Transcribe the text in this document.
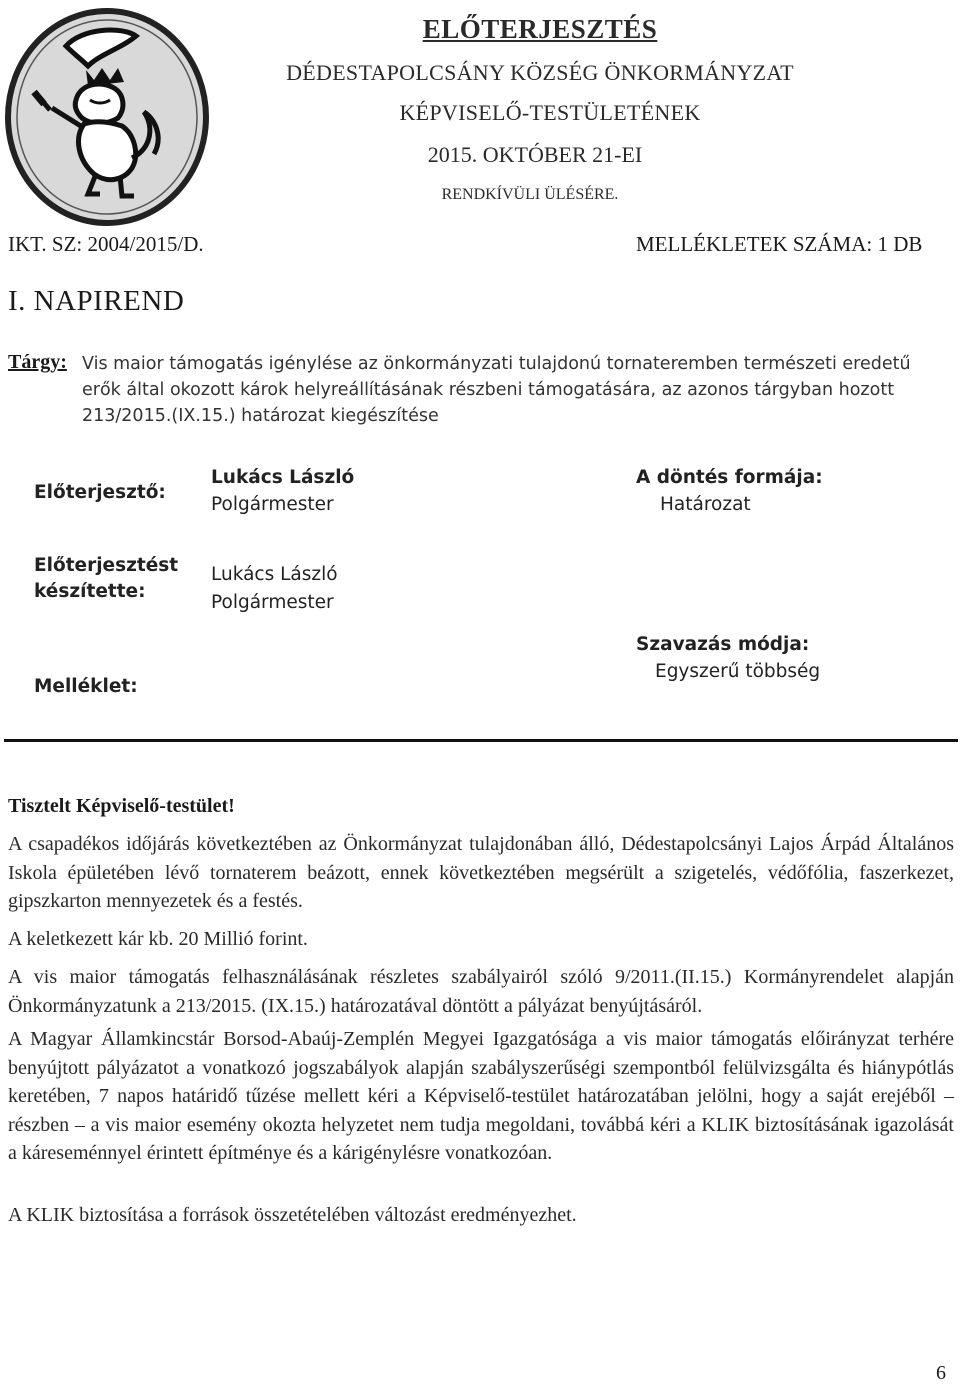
ELŐTERJESZTÉS
DÉDESTAPOLCSÁNY KÖZSÉG ÖNKORMÁNYZAT
KÉPVISELŐ-TESTÜLETÉNEK
2015. OKTÓBER 21-EI
RENDKÍVÜLI ÜLÉSÉRE.
IKT. SZ: 2004/2015/D.	MELLÉKLETEK SZÁMA: 1 DB
I. NAPIREND
Tárgy: Vis maior támogatás igénylése az önkormányzati tulajdonú tornateremben természeti eredetű erők által okozott károk helyreállításának részbeni támogatására, az azonos tárgyban hozott 213/2015.(IX.15.) határozat kiegészítése
Előterjesztő:
Lukács László
Polgármester
A döntés formája:
Határozat
Előterjesztést
készítette:
Lukács László
Polgármester
Melléklet:
Szavazás módja:
Egyszerű többség
Tisztelt Képviselő-testület!
A csapadékos időjárás következtében az Önkormányzat tulajdonában álló, Dédestapolcsányi Lajos Árpád Általános Iskola épületében lévő tornaterem beázott, ennek következtében megsérült a szigetelés, védőfólia, faszerkezet, gipszkarton mennyezetek és a festés.
A keletkezett kár kb. 20 Millió forint.
A vis maior támogatás felhasználásának részletes szabályairól szóló 9/2011.(II.15.) Kormányrendelet alapján Önkormányzatunk a 213/2015. (IX.15.) határozatával döntött a pályázat benyújtásáról.
A Magyar Államkincstár Borsod-Abaúj-Zemplén Megyei Igazgatósága a vis maior támogatás előirányzat terhére benyújtott pályázatot a vonatkozó jogszabályok alapján szabályszerűségi szempontból felülvizsgálta és hiánypótlás keretében, 7 napos határidő tűzése mellett kéri a Képviselő-testület határozatában jelölni, hogy a saját erejéből – részben – a vis maior esemény okozta helyzetet nem tudja megoldani, továbbá kéri a KLIK biztosításának igazolását a káreseménnyel érintett építménye és a kárigénylésre vonatkozóan.
A KLIK biztosítása a források összetételében változást eredményezhet.
6
